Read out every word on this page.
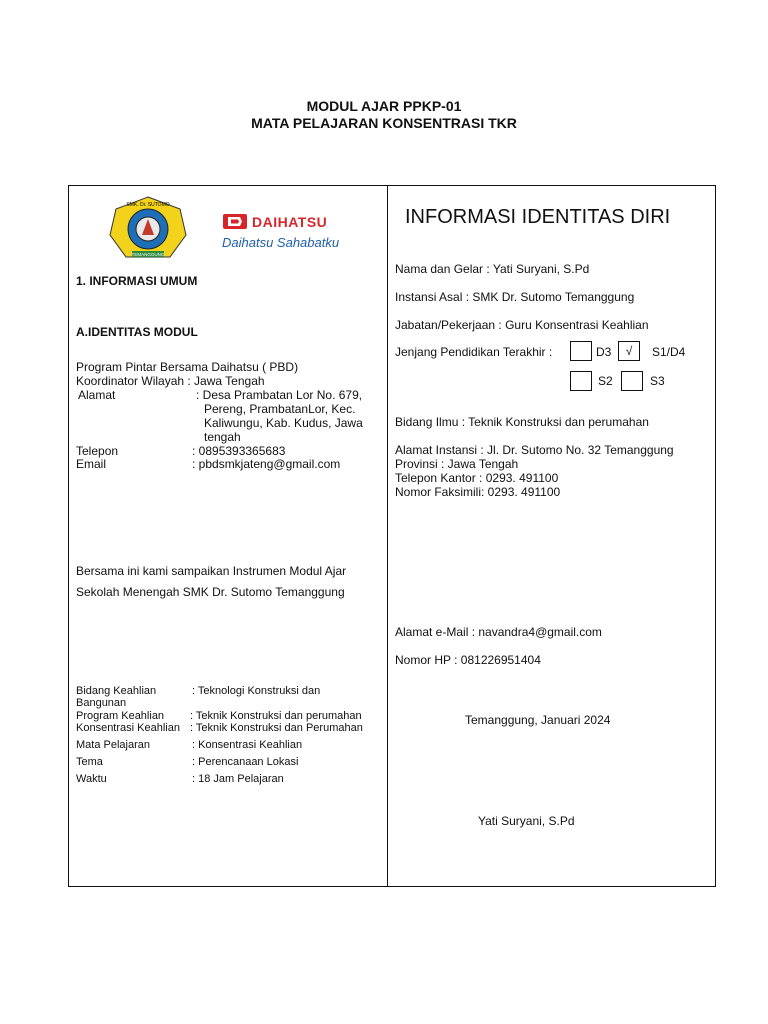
MODUL AJAR PPKP-01
MATA PELAJARAN KONSENTRASI TKR
SMK. Dr. SUTOMO
TEMANGGUNG
DAIHATSU
Daihatsu Sahabatku
1. INFORMASI UMUM
A.IDENTITAS MODUL
Program Pintar Bersama Daihatsu ( PBD)
Koordinator Wilayah : Jawa Tengah
Alamat	: Desa Prambatan Lor No. 679,
Pereng, PrambatanLor, Kec.
Kaliwungu, Kab. Kudus, Jawa
tengah
Telepon	: 0895393365683
Email	: pbdsmkjateng@gmail.com
Bersama ini kami sampaikan Instrumen Modul Ajar
Sekolah Menengah SMK Dr. Sutomo Temanggung
Bidang Keahlian	: Teknologi Konstruksi dan
Bangunan
Program Keahlian : Teknik Konstruksi dan perumahan
Konsentrasi Keahlian : Teknik Konstruksi dan Perumahan
Mata Pelajaran	: Konsentrasi Keahlian
Tema	: Perencanaan Lokasi
Waktu	: 18 Jam Pelajaran
INFORMASI IDENTITAS DIRI
Nama dan Gelar : Yati Suryani, S.Pd
Instansi Asal : SMK Dr. Sutomo Temanggung
Jabatan/Pekerjaan : Guru Konsentrasi Keahlian
Jenjang Pendidikan Terakhir :	D3	√	S1/D4
S2	S3
Bidang Ilmu : Teknik Konstruksi dan perumahan
Alamat Instansi : Jl. Dr. Sutomo No. 32 Temanggung
Provinsi : Jawa Tengah
Telepon Kantor : 0293. 491100
Nomor Faksimili: 0293. 491100
Alamat e-Mail : navandra4@gmail.com
Nomor HP : 081226951404
Temanggung, Januari 2024
Yati Suryani, S.Pd
